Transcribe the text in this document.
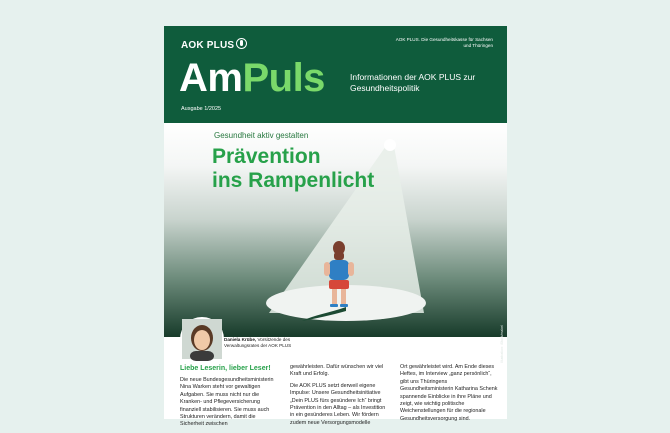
AOK PLUS
AOK PLUS. Die Gesundheitskasse für Sachsen und Thüringen
AmPuls	Informationen der AOK PLUS zur Gesundheitspolitik
Ausgabe 1/2025
Gesundheit aktiv gestalten
Prävention
ins Rampenlicht
Illustration: iStock/mabel
Daniela Krübe, Vorsitzende des Verwaltungsrates der AOK PLUS
Liebe Leserin, lieber Leser!

Die neue Bundesgesundheitsministerin Nina Warken steht vor gewaltigen Aufgaben. Sie muss nicht nur die Kranken- und Pflegeversicherung finanziell stabilisieren. Sie muss auch Strukturen verändern, damit die Sicherheit zwischen

gewährleisten. Dafür wünschen wir viel Kraft und Erfolg.

Die AOK PLUS setzt derweil eigene Impulse: Unsere Gesundheitsinitiative „Dein PLUS fürs gesündere Ich“ bringt Prävention in den Alltag – als Investition in ein gesünderes Leben. Wir fördern zudem neue Versorgungsmodelle

Ort gewährleistet wird. Am Ende dieses Heftes, im Interview „ganz persönlich“, gibt uns Thüringens Gesundheitsministerin Katharina Schenk spannende Einblicke in ihre Pläne und zeigt, wie wichtig politische Weichenstellungen für die regionale Gesundheitsversorgung sind.
